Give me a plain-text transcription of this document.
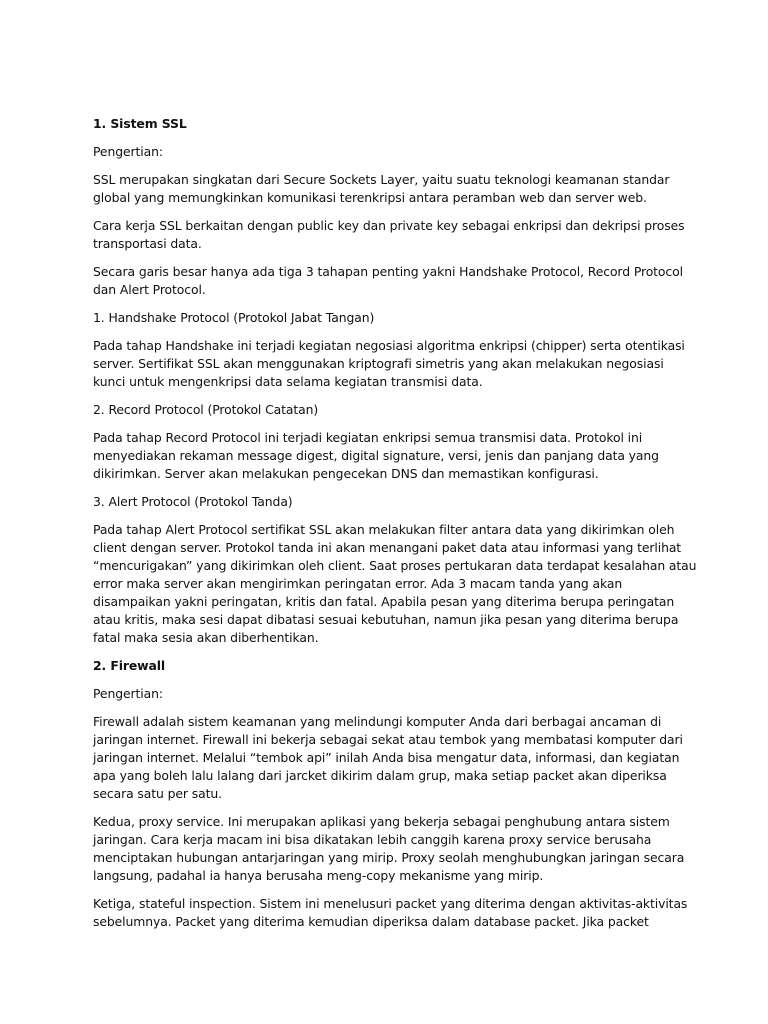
1. Sistem SSL

Pengertian:

SSL merupakan singkatan dari Secure Sockets Layer, yaitu suatu teknologi keamanan standar global yang memungkinkan komunikasi terenkripsi antara peramban web dan server web.

Cara kerja SSL berkaitan dengan public key dan private key sebagai enkripsi dan dekripsi proses transportasi data.

Secara garis besar hanya ada tiga 3 tahapan penting yakni Handshake Protocol, Record Protocol dan Alert Protocol.

1. Handshake Protocol (Protokol Jabat Tangan)

Pada tahap Handshake ini terjadi kegiatan negosiasi algoritma enkripsi (chipper) serta otentikasi server. Sertifikat SSL akan menggunakan kriptografi simetris yang akan melakukan negosiasi kunci untuk mengenkripsi data selama kegiatan transmisi data.

2. Record Protocol (Protokol Catatan)

Pada tahap Record Protocol ini terjadi kegiatan enkripsi semua transmisi data. Protokol ini menyediakan rekaman message digest, digital signature, versi, jenis dan panjang data yang dikirimkan. Server akan melakukan pengecekan DNS dan memastikan konfigurasi.

3. Alert Protocol (Protokol Tanda)

Pada tahap Alert Protocol sertifikat SSL akan melakukan filter antara data yang dikirimkan oleh client dengan server. Protokol tanda ini akan menangani paket data atau informasi yang terlihat “mencurigakan” yang dikirimkan oleh client. Saat proses pertukaran data terdapat kesalahan atau error maka server akan mengirimkan peringatan error. Ada 3 macam tanda yang akan disampaikan yakni peringatan, kritis dan fatal. Apabila pesan yang diterima berupa peringatan atau kritis, maka sesi dapat dibatasi sesuai kebutuhan, namun jika pesan yang diterima berupa fatal maka sesia akan diberhentikan.

2. Firewall

Pengertian:

Firewall adalah sistem keamanan yang melindungi komputer Anda dari berbagai ancaman di jaringan internet. Firewall ini bekerja sebagai sekat atau tembok yang membatasi komputer dari jaringan internet. Melalui “tembok api” inilah Anda bisa mengatur data, informasi, dan kegiatan apa yang boleh lalu lalang dari jarcket dikirim dalam grup, maka setiap packet akan diperiksa secara satu per satu.

Kedua, proxy service. Ini merupakan aplikasi yang bekerja sebagai penghubung antara sistem jaringan. Cara kerja macam ini bisa dikatakan lebih canggih karena proxy service berusaha menciptakan hubungan antarjaringan yang mirip. Proxy seolah menghubungkan jaringan secara langsung, padahal ia hanya berusaha meng-copy mekanisme yang mirip.

Ketiga, stateful inspection. Sistem ini menelusuri packet yang diterima dengan aktivitas-aktivitas sebelumnya. Packet yang diterima kemudian diperiksa dalam database packet. Jika packet
